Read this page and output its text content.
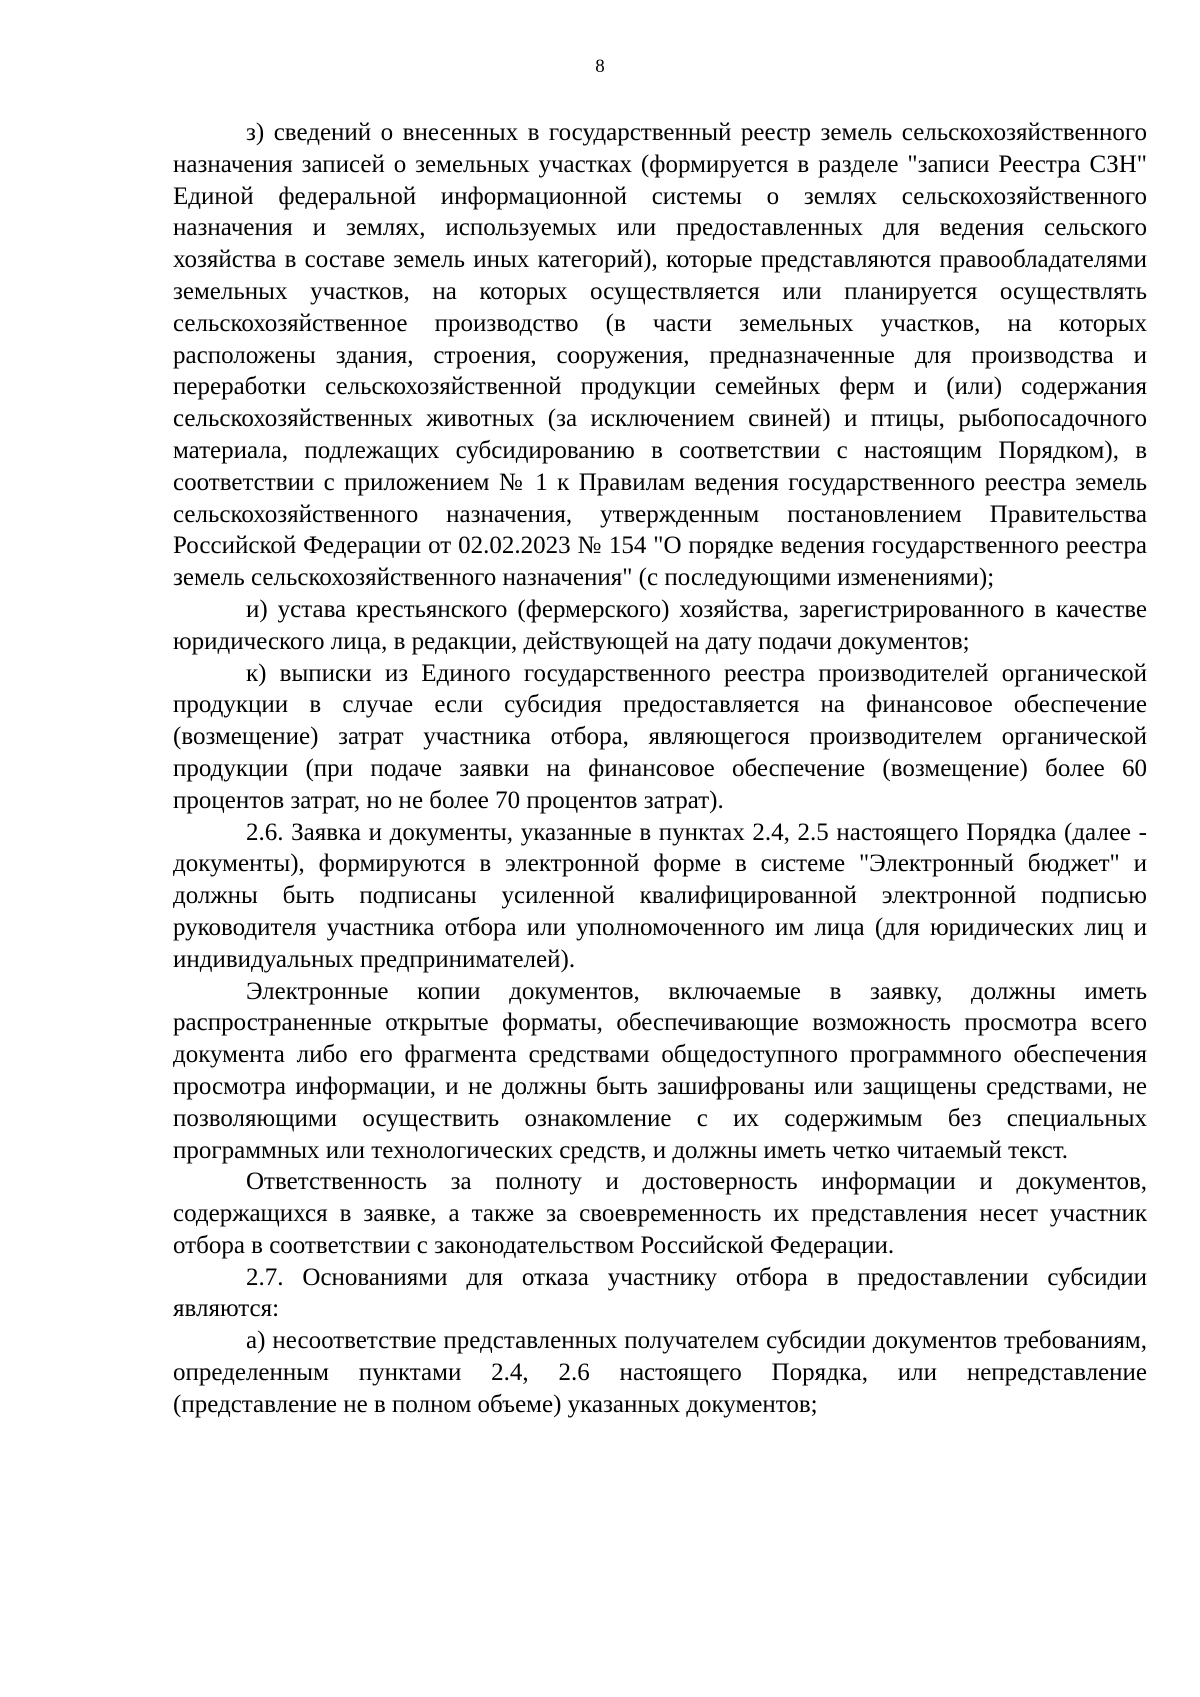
8

з) сведений о внесенных в государственный реестр земель сельскохозяйственного назначения записей о земельных участках (формируется в разделе "записи Реестра СЗН" Единой федеральной информационной системы о землях сельскохозяйственного назначения и землях, используемых или предоставленных для ведения сельского хозяйства в составе земель иных категорий), которые представляются правообладателями земельных участков, на которых осуществляется или планируется осуществлять сельскохозяйственное производство (в части земельных участков, на которых расположены здания, строения, сооружения, предназначенные для производства и переработки сельскохозяйственной продукции семейных ферм и (или) содержания сельскохозяйственных животных (за исключением свиней) и птицы, рыбопосадочного материала, подлежащих субсидированию в соответствии с настоящим Порядком), в соответствии с приложением № 1 к Правилам ведения государственного реестра земель сельскохозяйственного назначения, утвержденным постановлением Правительства Российской Федерации от 02.02.2023 № 154 "О порядке ведения государственного реестра земель сельскохозяйственного назначения" (с последующими изменениями);

и) устава крестьянского (фермерского) хозяйства, зарегистрированного в качестве юридического лица, в редакции, действующей на дату подачи документов;

к) выписки из Единого государственного реестра производителей органической продукции в случае если субсидия предоставляется на финансовое обеспечение (возмещение) затрат участника отбора, являющегося производителем органической продукции (при подаче заявки на финансовое обеспечение (возмещение) более 60 процентов затрат, но не более 70 процентов затрат).

2.6. Заявка и документы, указанные в пунктах 2.4, 2.5 настоящего Порядка (далее - документы), формируются в электронной форме в системе "Электронный бюджет" и должны быть подписаны усиленной квалифицированной электронной подписью руководителя участника отбора или уполномоченного им лица (для юридических лиц и индивидуальных предпринимателей).

Электронные копии документов, включаемые в заявку, должны иметь распространенные открытые форматы, обеспечивающие возможность просмотра всего документа либо его фрагмента средствами общедоступного программного обеспечения просмотра информации, и не должны быть зашифрованы или защищены средствами, не позволяющими осуществить ознакомление с их содержимым без специальных программных или технологических средств, и должны иметь четко читаемый текст.

Ответственность за полноту и достоверность информации и документов, содержащихся в заявке, а также за своевременность их представления несет участник отбора в соответствии с законодательством Российской Федерации.

2.7. Основаниями для отказа участнику отбора в предоставлении субсидии являются:

а) несоответствие представленных получателем субсидии документов требованиям, определенным пунктами 2.4, 2.6 настоящего Порядка, или непредставление (представление не в полном объеме) указанных документов;
